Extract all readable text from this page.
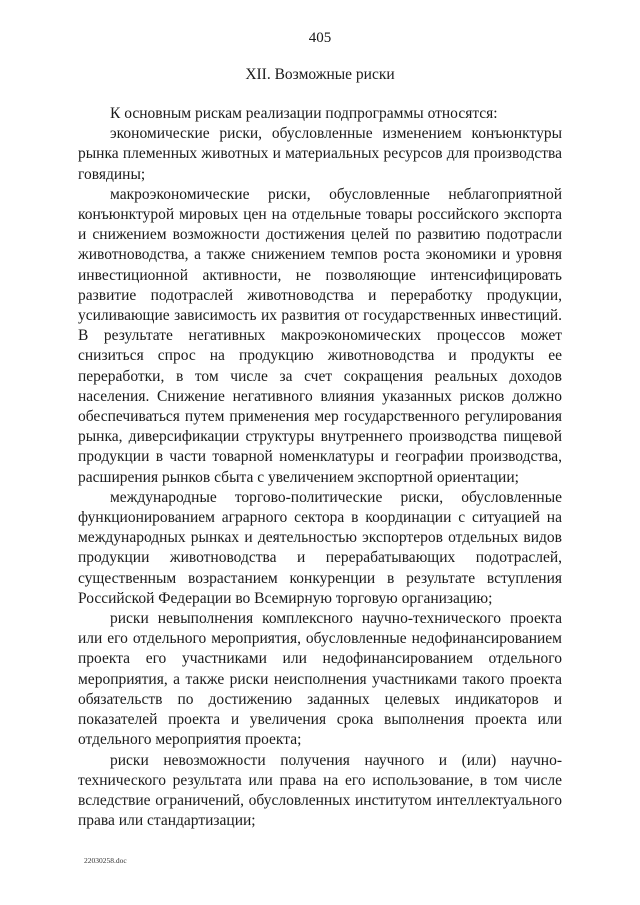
405
XII. Возможные риски

К основным рискам реализации подпрограммы относятся:

экономические риски, обусловленные изменением конъюнктуры рынка племенных животных и материальных ресурсов для производства говядины;

макроэкономические риски, обусловленные неблагоприятной конъюнктурой мировых цен на отдельные товары российского экспорта и снижением возможности достижения целей по развитию подотрасли животноводства, а также снижением темпов роста экономики и уровня инвестиционной активности, не позволяющие интенсифицировать развитие подотраслей животноводства и переработку продукции, усиливающие зависимость их развития от государственных инвестиций. В результате негативных макроэкономических процессов может снизиться спрос на продукцию животноводства и продукты ее переработки, в том числе за счет сокращения реальных доходов населения. Снижение негативного влияния указанных рисков должно обеспечиваться путем применения мер государственного регулирования рынка, диверсификации структуры внутреннего производства пищевой продукции в части товарной номенклатуры и географии производства, расширения рынков сбыта с увеличением экспортной ориентации;

международные торгово-политические риски, обусловленные функционированием аграрного сектора в координации с ситуацией на международных рынках и деятельностью экспортеров отдельных видов продукции животноводства и перерабатывающих подотраслей, существенным возрастанием конкуренции в результате вступления Российской Федерации во Всемирную торговую организацию;

риски невыполнения комплексного научно-технического проекта или его отдельного мероприятия, обусловленные недофинансированием проекта его участниками или недофинансированием отдельного мероприятия, а также риски неисполнения участниками такого проекта обязательств по достижению заданных целевых индикаторов и показателей проекта и увеличения срока выполнения проекта или отдельного мероприятия проекта;

риски невозможности получения научного и (или) научно-технического результата или права на его использование, в том числе вследствие ограничений, обусловленных институтом интеллектуального права или стандартизации;

22030258.doc
